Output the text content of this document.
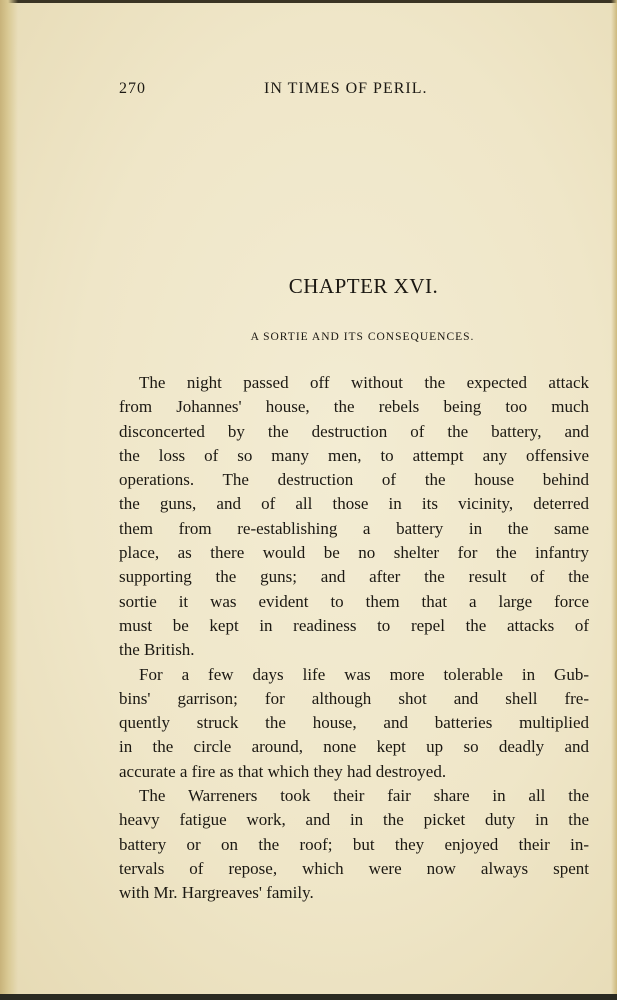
270	IN TIMES OF PERIL.
CHAPTER XVI.
A SORTIE AND ITS CONSEQUENCES.
The night passed off without the expected attack
from Johannes' house, the rebels being too much
disconcerted by the destruction of the battery, and
the loss of so many men, to attempt any offensive
operations. The destruction of the house behind
the guns, and of all those in its vicinity, deterred
them from re-establishing a battery in the same
place, as there would be no shelter for the infantry
supporting the guns; and after the result of the
sortie it was evident to them that a large force
must be kept in readiness to repel the attacks of
the British.
For a few days life was more tolerable in Gub-
bins' garrison; for although shot and shell fre-
quently struck the house, and batteries multiplied
in the circle around, none kept up so deadly and
accurate a fire as that which they had destroyed.
The Warreners took their fair share in all the
heavy fatigue work, and in the picket duty in the
battery or on the roof; but they enjoyed their in-
tervals of repose, which were now always spent
with Mr. Hargreaves' family.
